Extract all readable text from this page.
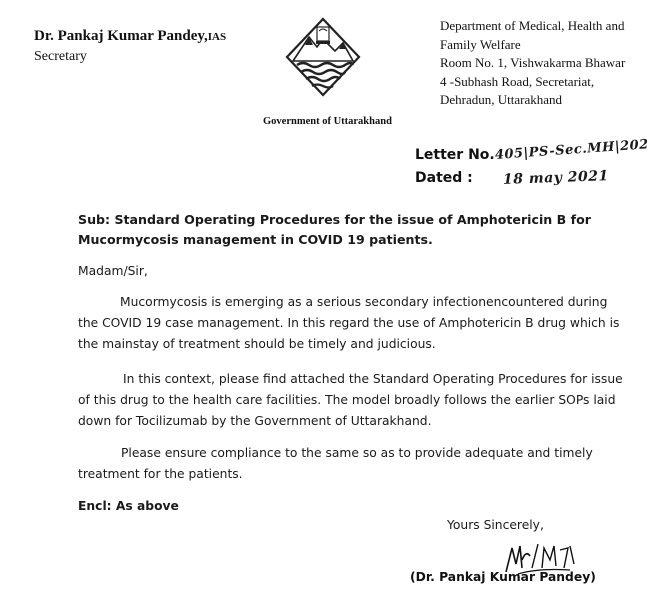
Dr. Pankaj Kumar Pandey,IAS
Secretary
Government of Uttarakhand
Department of Medical, Health and
Family Welfare
Room No. 1, Vishwakarma Bhawar
4 -Subhash Road, Secretariat,
Dehradun, Uttarakhand
Letter No.405|PS-Sec.MH|202
Dated : 18 may 2021
Sub: Standard Operating Procedures for the issue of Amphotericin B for Mucormycosis management in COVID 19 patients.
Madam/Sir,
Mucormycosis is emerging as a serious secondary infectionencountered during the COVID 19 case management. In this regard the use of Amphotericin B drug which is the mainstay of treatment should be timely and judicious.
In this context, please find attached the Standard Operating Procedures for issue of this drug to the health care facilities. The model broadly follows the earlier SOPs laid down for Tocilizumab by the Government of Uttarakhand.
Please ensure compliance to the same so as to provide adequate and timely treatment for the patients.
Encl: As above
Yours Sincerely,
(Dr. Pankaj Kumar Pandey)
